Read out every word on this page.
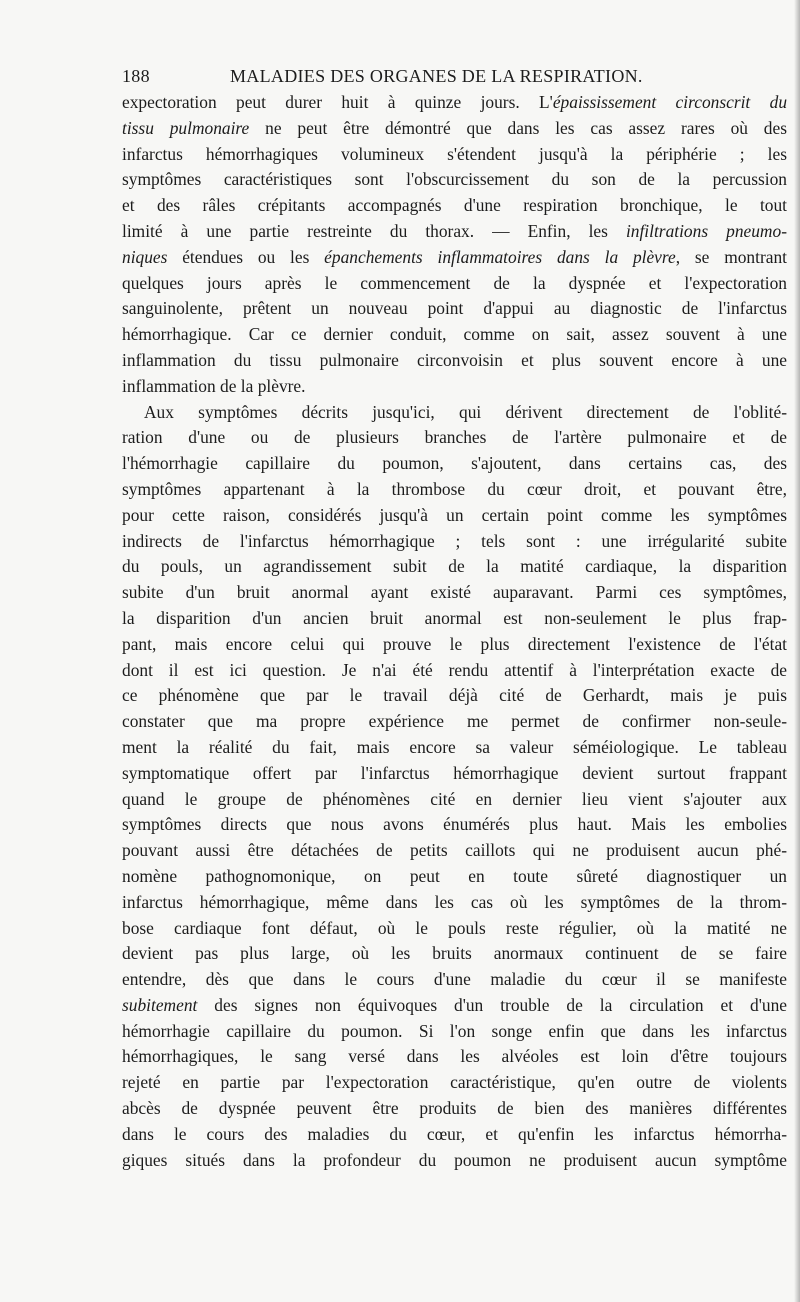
188	MALADIES DES ORGANES DE LA RESPIRATION.
expectoration peut durer huit à quinze jours. L'épaississement circonscrit du
tissu pulmonaire ne peut être démontré que dans les cas assez rares où des
infarctus hémorrhagiques volumineux s'étendent jusqu'à la périphérie ; les
symptômes caractéristiques sont l'obscurcissement du son de la percussion
et des râles crépitants accompagnés d'une respiration bronchique, le tout
limité à une partie restreinte du thorax. — Enfin, les infiltrations pneumo-
niques étendues ou les épanchements inflammatoires dans la plèvre, se montrant
quelques jours après le commencement de la dyspnée et l'expectoration
sanguinolente, prêtent un nouveau point d'appui au diagnostic de l'infarctus
hémorrhagique. Car ce dernier conduit, comme on sait, assez souvent à une
inflammation du tissu pulmonaire circonvoisin et plus souvent encore à une
inflammation de la plèvre.
Aux symptômes décrits jusqu'ici, qui dérivent directement de l'oblité-
ration d'une ou de plusieurs branches de l'artère pulmonaire et de
l'hémorrhagie capillaire du poumon, s'ajoutent, dans certains cas, des
symptômes appartenant à la thrombose du cœur droit, et pouvant être,
pour cette raison, considérés jusqu'à un certain point comme les symptômes
indirects de l'infarctus hémorrhagique ; tels sont : une irrégularité subite
du pouls, un agrandissement subit de la matité cardiaque, la disparition
subite d'un bruit anormal ayant existé auparavant. Parmi ces symptômes,
la disparition d'un ancien bruit anormal est non-seulement le plus frap-
pant, mais encore celui qui prouve le plus directement l'existence de l'état
dont il est ici question. Je n'ai été rendu attentif à l'interprétation exacte de
ce phénomène que par le travail déjà cité de Gerhardt, mais je puis
constater que ma propre expérience me permet de confirmer non-seule-
ment la réalité du fait, mais encore sa valeur séméiologique. Le tableau
symptomatique offert par l'infarctus hémorrhagique devient surtout frappant
quand le groupe de phénomènes cité en dernier lieu vient s'ajouter aux
symptômes directs que nous avons énumérés plus haut. Mais les embolies
pouvant aussi être détachées de petits caillots qui ne produisent aucun phé-
nomène pathognomonique, on peut en toute sûreté diagnostiquer un
infarctus hémorrhagique, même dans les cas où les symptômes de la throm-
bose cardiaque font défaut, où le pouls reste régulier, où la matité ne
devient pas plus large, où les bruits anormaux continuent de se faire
entendre, dès que dans le cours d'une maladie du cœur il se manifeste
subitement des signes non équivoques d'un trouble de la circulation et d'une
hémorrhagie capillaire du poumon. Si l'on songe enfin que dans les infarctus
hémorrhagiques, le sang versé dans les alvéoles est loin d'être toujours
rejeté en partie par l'expectoration caractéristique, qu'en outre de violents
abcès de dyspnée peuvent être produits de bien des manières différentes
dans le cours des maladies du cœur, et qu'enfin les infarctus hémorrha-
giques situés dans la profondeur du poumon ne produisent aucun symptôme
